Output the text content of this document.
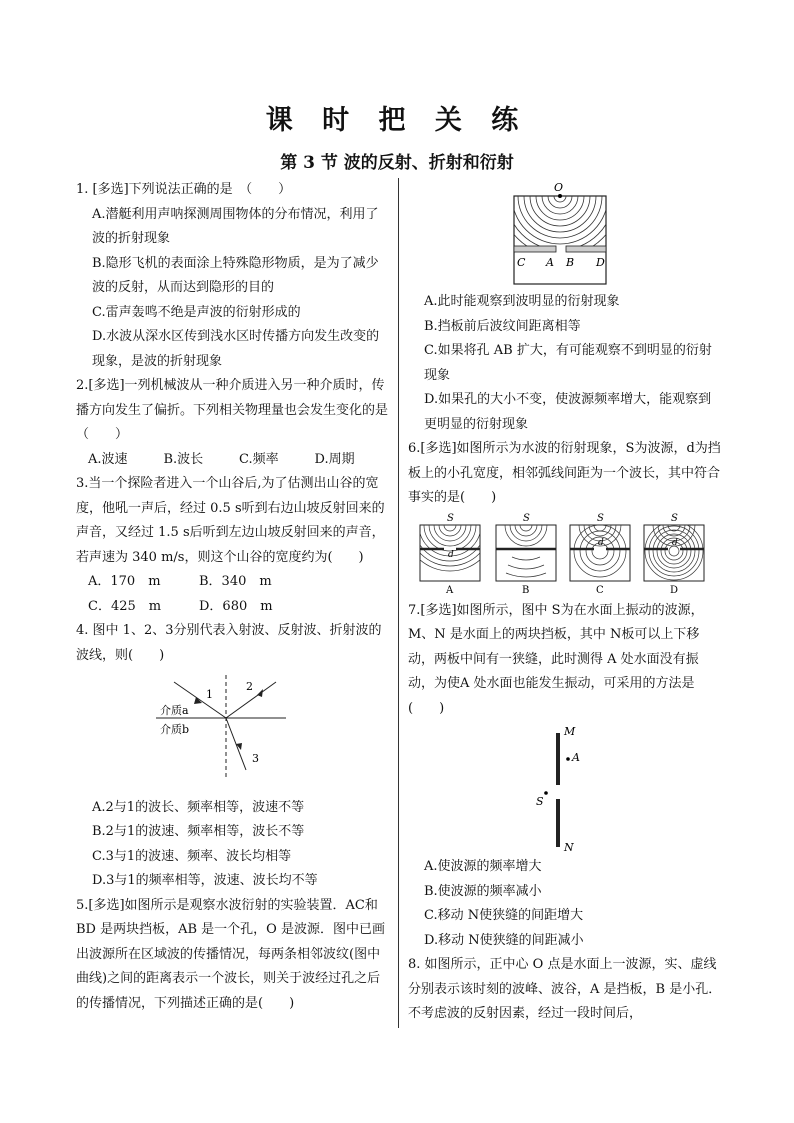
课 时 把 关 练
第 3 节 波的反射、折射和衍射

1. [多选]下列说法正确的是　（　　）

A.潜艇利用声呐探测周围物体的分布情况，利用了波的折射现象

B.隐形飞机的表面涂上特殊隐形物质，是为了减少波的反射，从而达到隐形的目的

C.雷声轰鸣不绝是声波的衍射形成的

D.水波从深水区传到浅水区时传播方向发生改变的现象，是波的折射现象

2.[多选]一列机械波从一种介质进入另一种介质时，传播方向发生了偏折。下列相关物理量也会发生变化的是　（　　）

A.波速	B.波长	C.频率	D.周期

3.当一个探险者进入一个山谷后,为了估测出山谷的宽度，他吼一声后，经过 0.5 s听到右边山坡反射回来的声音，又经过 1.5 s后听到左边山坡反射回来的声音，若声速为 340 m/s，则这个山谷的宽度约为(　　)

A．170　m	B．340　m
C．425　m	D．680　m

4. 图中 1、2、3分别代表入射波、反射波、折射波的波线，则(　　)

1
2
3
介质a
介质b

A.2与1的波长、频率相等，波速不等

B.2与1的波速、频率相等，波长不等

C.3与1的波速、频率、波长均相等

D.3与1的频率相等，波速、波长均不等

5.[多选]如图所示是观察水波衍射的实验装置．AC和 BD 是两块挡板，AB 是一个孔，O 是波源．图中已画出波源所在区域波的传播情况，每两条相邻波纹(图中曲线)之间的距离表示一个波长，则关于波经过孔之后的传播情况，下列描述正确的是(　　)

O
C A B D

A.此时能观察到波明显的衍射现象

B.挡板前后波纹间距离相等

C.如果将孔 AB 扩大，有可能观察不到明显的衍射现象

D.如果孔的大小不变，使波源频率增大，能观察到更明显的衍射现象

6.[多选]如图所示为水波的衍射现象，S为波源，d为挡板上的小孔宽度，相邻弧线间距为一个波长，其中符合事实的是(　　)

S
d
A
S
B
S
d
C
S
d
D

7.[多选]如图所示，图中 S为在水面上振动的波源，M、N 是水面上的两块挡板，其中 N板可以上下移动，两板中间有一狭缝，此时测得 A 处水面没有振动，为使A 处水面也能发生振动，可采用的方法是(　　)

M
A
S
N

A.使波源的频率增大

B.使波源的频率减小

C.移动 N使狭缝的间距增大

D.移动 N使狭缝的间距减小

8. 如图所示，正中心 O 点是水面上一波源，实、虚线分别表示该时刻的波峰、波谷，A 是挡板，B 是小孔．不考虑波的反射因素，经过一段时间后，
